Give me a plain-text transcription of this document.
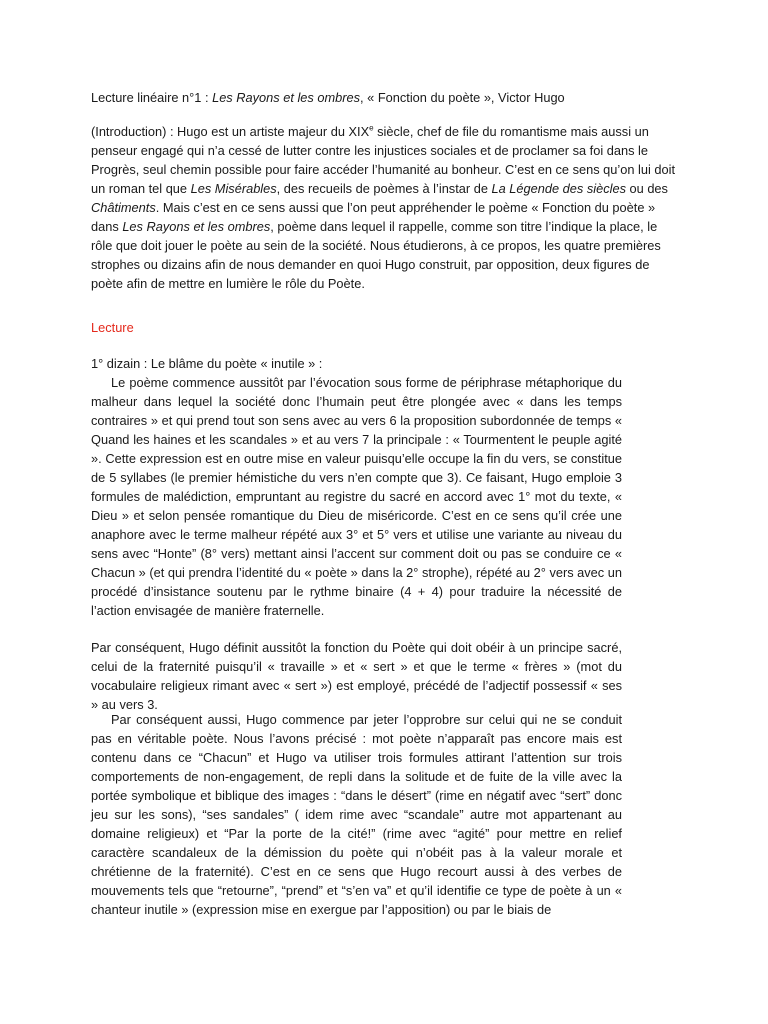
Lecture linéaire n°1 : Les Rayons et les ombres, « Fonction du poète », Victor Hugo

(Introduction) : Hugo est un artiste majeur du XIXe siècle, chef de file du romantisme mais aussi un penseur engagé qui n’a cessé de lutter contre les injustices sociales et de proclamer sa foi dans le Progrès, seul chemin possible pour faire accéder l’humanité au bonheur. C’est en ce sens qu’on lui doit un roman tel que Les Misérables, des recueils de poèmes à l’instar de La Légende des siècles ou des Châtiments. Mais c’est en ce sens aussi que l’on peut appréhender le poème « Fonction du poète » dans Les Rayons et les ombres, poème dans lequel il rappelle, comme son titre l’indique la place, le rôle que doit jouer le poète au sein de la société. Nous étudierons, à ce propos, les quatre premières strophes ou dizains afin de nous demander en quoi Hugo construit, par opposition, deux figures de poète afin de mettre en lumière le rôle du Poète.

Lecture

1° dizain : Le blâme du poète « inutile » :

Le poème commence aussitôt par l’évocation sous forme de périphrase métaphorique du malheur dans lequel la société donc l’humain peut être plongée avec « dans les temps contraires » et qui prend tout son sens avec au vers 6 la proposition subordonnée de temps « Quand les haines et les scandales » et au vers 7 la principale : « Tourmentent le peuple agité ». Cette expression est en outre mise en valeur puisqu’elle occupe la fin du vers, se constitue de 5 syllabes (le premier hémistiche du vers n’en compte que 3). Ce faisant, Hugo emploie 3 formules de malédiction, empruntant au registre du sacré en accord avec 1° mot du texte, « Dieu » et selon pensée romantique du Dieu de miséricorde. C’est en ce sens qu’il crée une anaphore avec le terme malheur répété aux 3° et 5° vers et utilise une variante au niveau du sens avec “Honte” (8° vers) mettant ainsi l’accent sur comment doit ou pas se conduire ce « Chacun » (et qui prendra l’identité du « poète » dans la 2° strophe), répété au 2° vers avec un procédé d’insistance soutenu par le rythme binaire (4 + 4) pour traduire la nécessité de l’action envisagée de manière fraternelle.

Par conséquent, Hugo définit aussitôt la fonction du Poète qui doit obéir à un principe sacré, celui de la fraternité puisqu’il « travaille » et « sert » et que le terme « frères » (mot du vocabulaire religieux rimant avec « sert ») est employé, précédé de l’adjectif possessif « ses » au vers 3.

Par conséquent aussi, Hugo commence par jeter l’opprobre sur celui qui ne se conduit pas en véritable poète. Nous l’avons précisé : mot poète n’apparaît pas encore mais est contenu dans ce “Chacun” et Hugo va utiliser trois formules attirant l’attention sur trois comportements de non-engagement, de repli dans la solitude et de fuite de la ville avec la portée symbolique et biblique des images : “dans le désert” (rime en négatif avec “sert” donc jeu sur les sons), “ses sandales” ( idem rime avec “scandale” autre mot appartenant au domaine religieux) et “Par la porte de la cité!” (rime avec “agité” pour mettre en relief caractère scandaleux de la démission du poète qui n’obéit pas à la valeur morale et chrétienne de la fraternité). C’est en ce sens que Hugo recourt aussi à des verbes de mouvements tels que “retourne”, “prend” et “s’en va” et qu’il identifie ce type de poète à un « chanteur inutile » (expression mise en exergue par l’apposition) ou par le biais de
